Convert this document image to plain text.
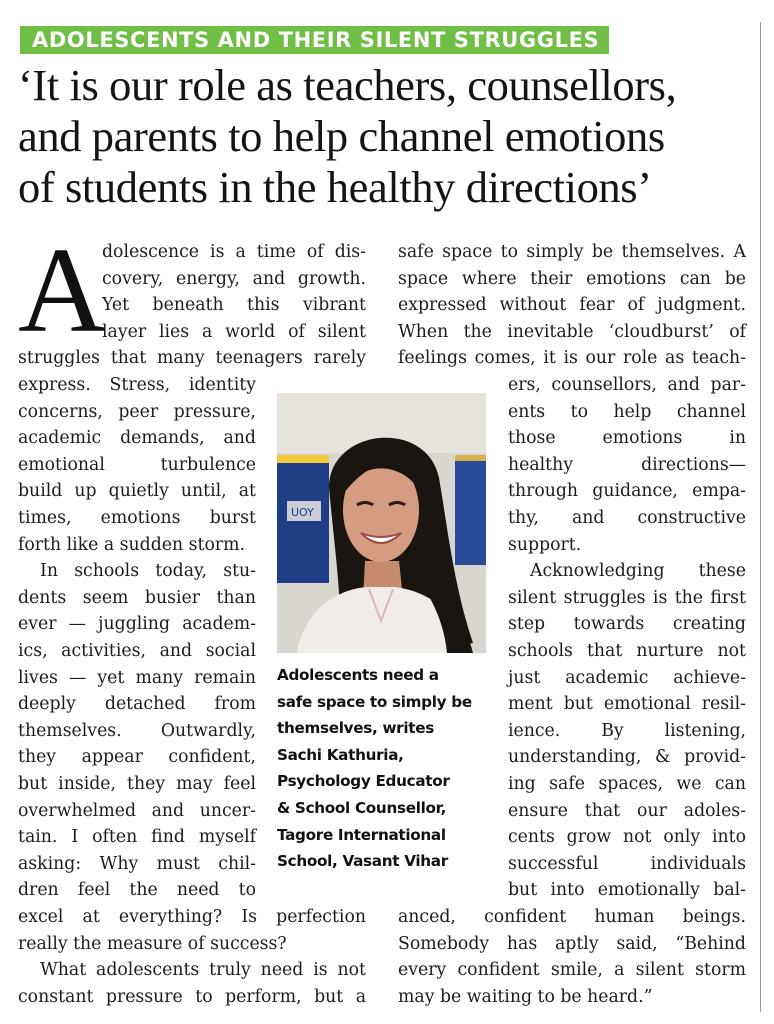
ADOLESCENTS AND THEIR SILENT STRUGGLES
‘It is our role as teachers, counsellors,
and parents to help channel emotions
of students in the healthy directions’
A
dolescence is a time of dis-
covery, energy, and growth.
Yet beneath this vibrant
layer lies a world of silent
struggles that many teenagers rarely
express. Stress, identity
concerns, peer pressure,
academic demands, and
emotional turbulence
build up quietly until, at
times, emotions burst
forth like a sudden storm.
In schools today, stu-
dents seem busier than
ever — juggling academ-
ics, activities, and social
lives — yet many remain
deeply detached from
themselves. Outwardly,
they appear confident,
but inside, they may feel
overwhelmed and uncer-
tain. I often find myself
asking: Why must chil-
dren feel the need to
excel at everything? Is perfection
really the measure of success?
What adolescents truly need is not
constant pressure to perform, but a
safe space to simply be themselves. A
space where their emotions can be
expressed without fear of judgment.
When the inevitable ‘cloudburst’ of
feelings comes, it is our role as teach-
ers, counsellors, and par-
ents to help channel
those emotions in
healthy directions—
through guidance, empa-
thy, and constructive
support.
Acknowledging these
silent struggles is the first
step towards creating
schools that nurture not
just academic achieve-
ment but emotional resil-
ience. By listening,
understanding, & provid-
ing safe spaces, we can
ensure that our adoles-
cents grow not only into
successful individuals
but into emotionally bal-
anced, confident human beings.
Somebody has aptly said, “Behind
every confident smile, a silent storm
may be waiting to be heard.”
UOY
Adolescents need a
safe space to simply be
themselves, writes
Sachi Kathuria,
Psychology Educator
& School Counsellor,
Tagore International
School, Vasant Vihar
